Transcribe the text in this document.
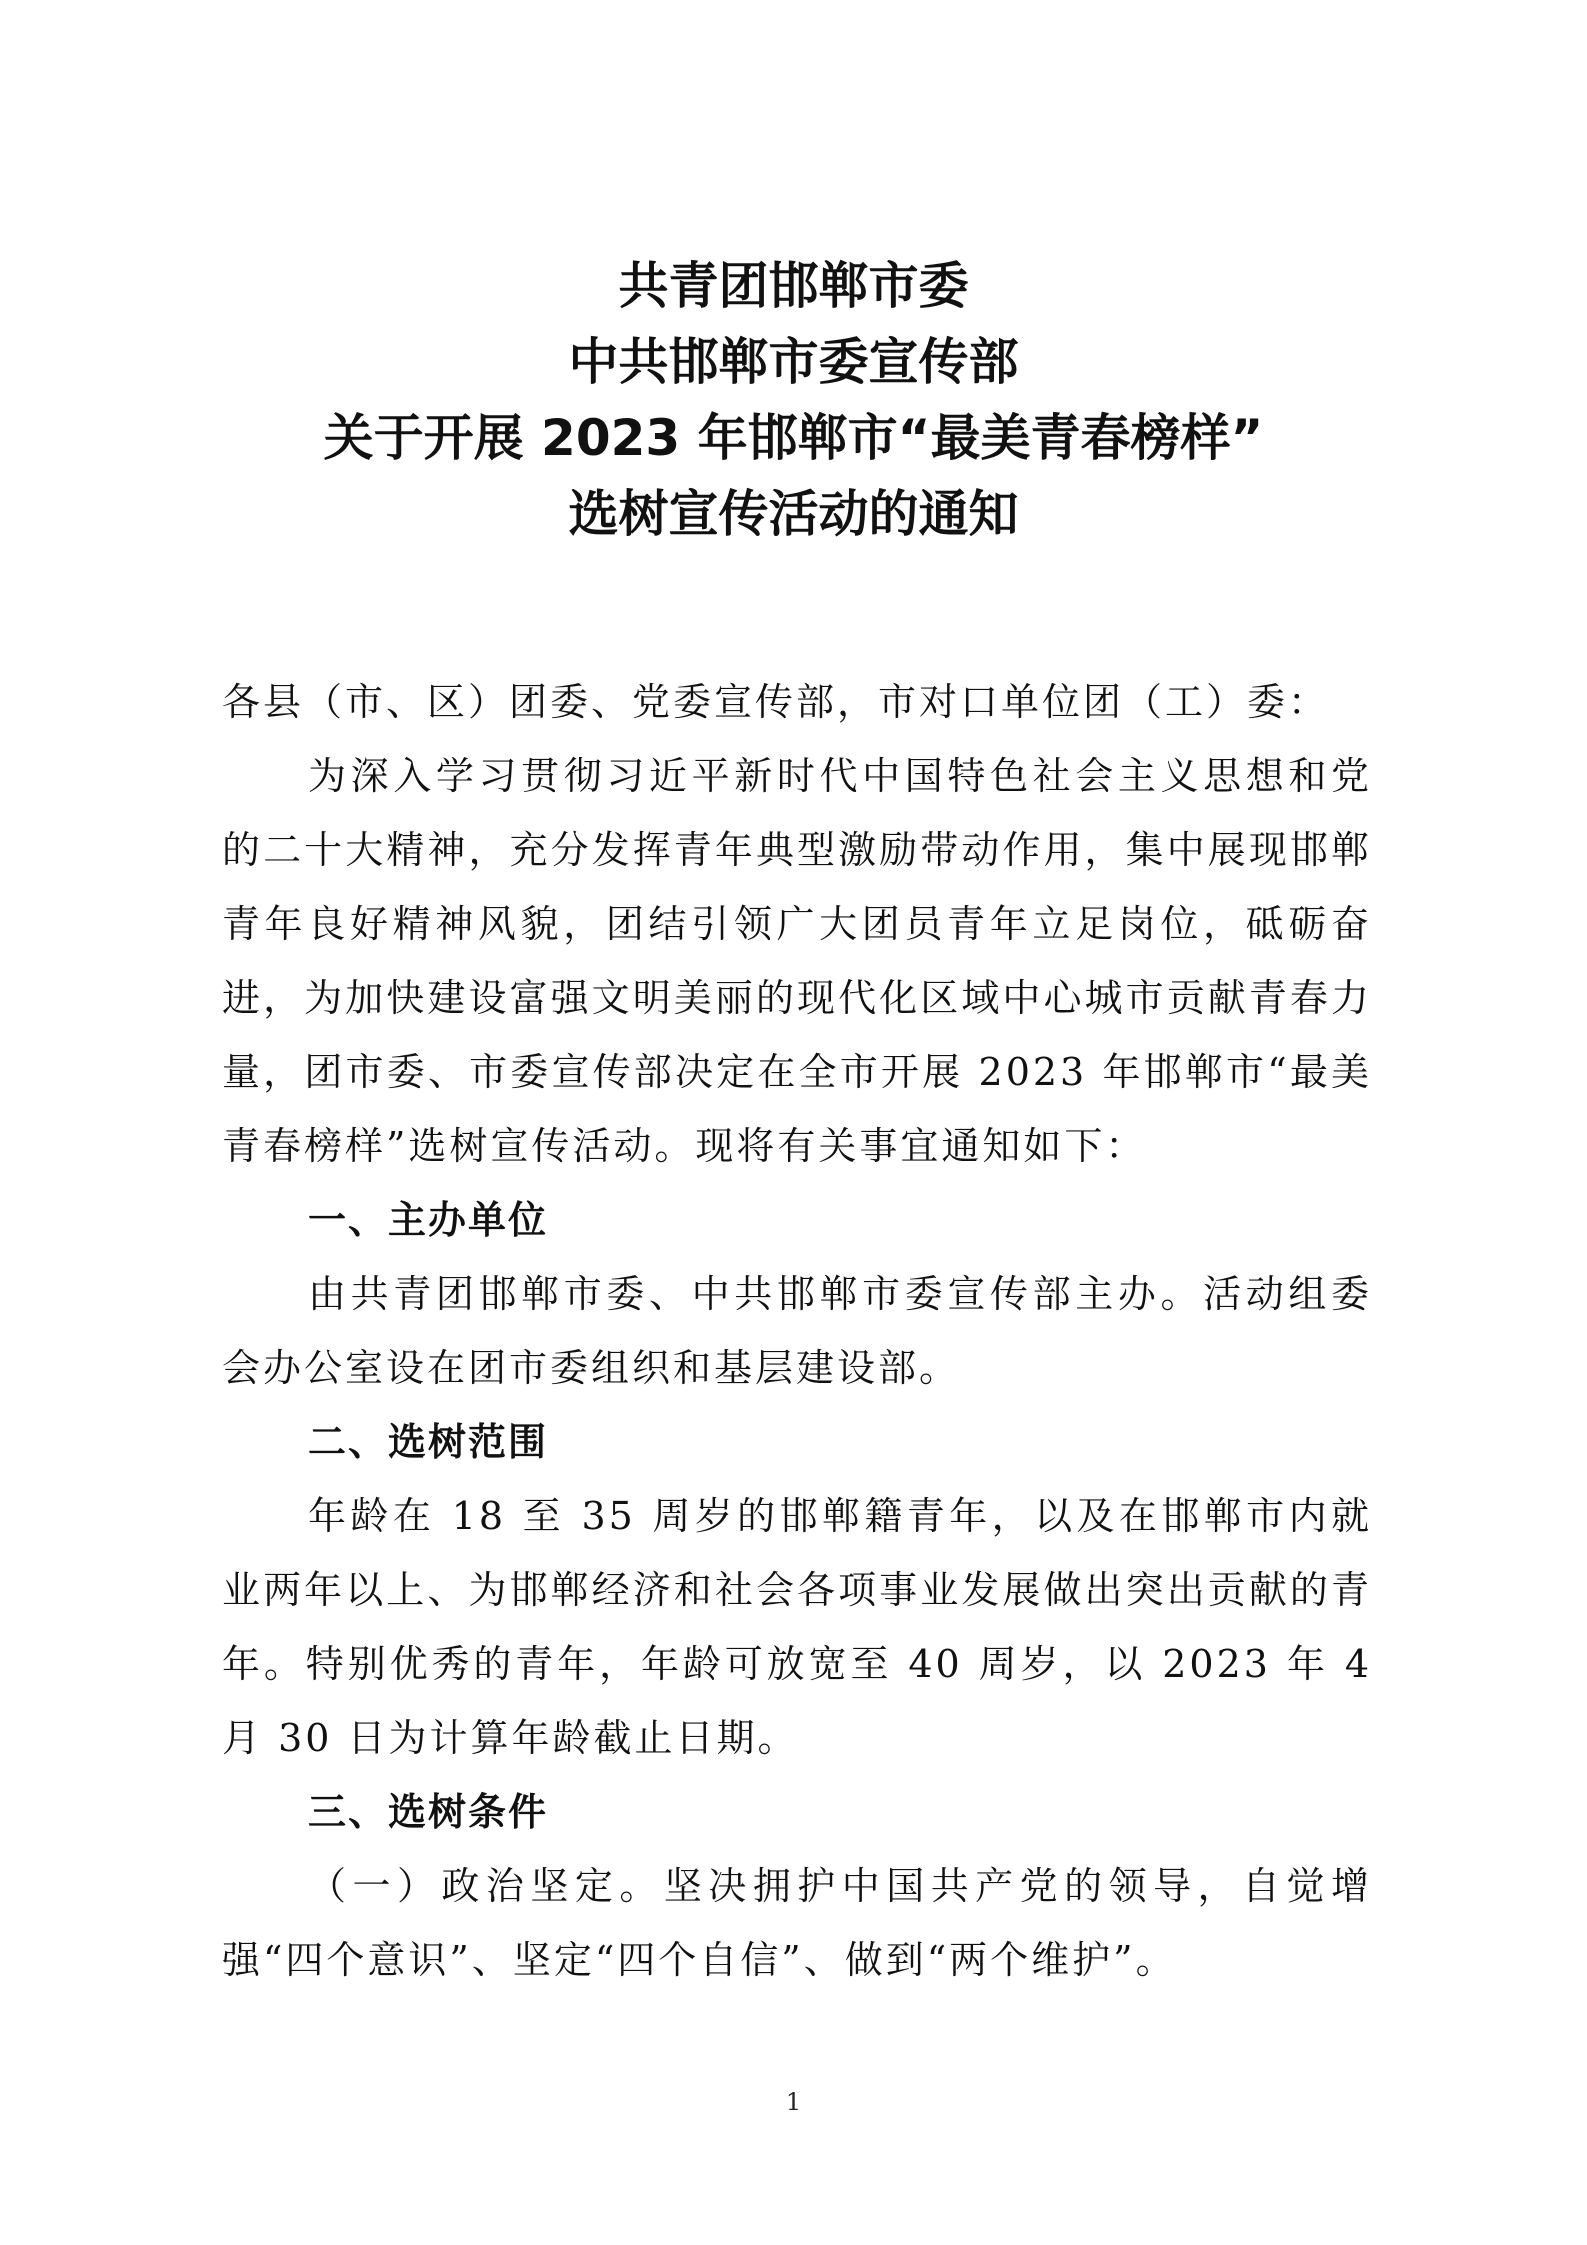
共青团邯郸市委
中共邯郸市委宣传部
关于开展 2023 年邯郸市“最美青春榜样”
选树宣传活动的通知

各县（市、区）团委、党委宣传部，市对口单位团（工）委：

为深入学习贯彻习近平新时代中国特色社会主义思想和党的二十大精神，充分发挥青年典型激励带动作用，集中展现邯郸青年良好精神风貌，团结引领广大团员青年立足岗位，砥砺奋进，为加快建设富强文明美丽的现代化区域中心城市贡献青春力量，团市委、市委宣传部决定在全市开展 2023 年邯郸市“最美青春榜样”选树宣传活动。现将有关事宜通知如下：

一、主办单位

由共青团邯郸市委、中共邯郸市委宣传部主办。活动组委会办公室设在团市委组织和基层建设部。

二、选树范围

年龄在 18 至 35 周岁的邯郸籍青年，以及在邯郸市内就业两年以上、为邯郸经济和社会各项事业发展做出突出贡献的青年。特别优秀的青年，年龄可放宽至 40 周岁，以 2023 年 4 月 30 日为计算年龄截止日期。

三、选树条件

（一）政治坚定。坚决拥护中国共产党的领导，自觉增强“四个意识”、坚定“四个自信”、做到“两个维护”。

1
